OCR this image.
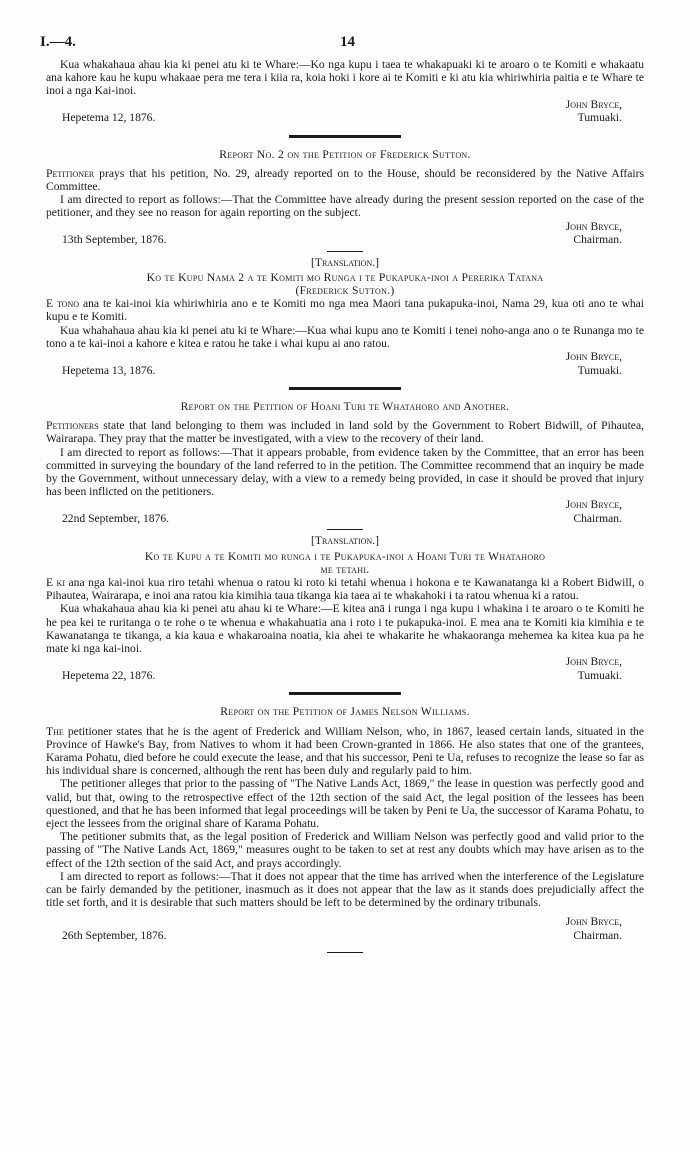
I.—4.	14

Kua whakahaua ahau kia ki penei atu ki te Whare:—Ko nga kupu i taea te whakapuaki ki te aroaro o te Komiti e whakaatu ana kahore kau he kupu whakaae pera me tera i kiia ra, koia hoki i kore ai te Komiti e ki atu kia whiriwhiria paitia e te Whare te inoi a nga Kai-inoi.

John Bryce,
Hepetema 12, 1876.	Tumuaki.
Report No. 2 on the Petition of Frederick Sutton.

Petitioner prays that his petition, No. 29, already reported on to the House, should be reconsidered by the Native Affairs Committee.

I am directed to report as follows:—That the Committee have already during the present session reported on the case of the petitioner, and they see no reason for again reporting on the subject.

John Bryce,
13th September, 1876.	Chairman.
[Translation.]
Ko te Kupu Nama 2 a te Komiti mo Runga i te Pukapuka-inoi a Pererika Tatana
(Frederick Sutton.)

E tono ana te kai-inoi kia whiriwhiria ano e te Komiti mo nga mea Maori tana pukapuka-inoi, Nama 29, kua oti ano te whai kupu e te Komiti.

Kua whahahaua ahau kia ki penei atu ki te Whare:—Kua whai kupu ano te Komiti i tenei noho-anga ano o te Runanga mo te tono a te kai-inoi a kahore e kitea e ratou he take i whai kupu ai ano ratou.

John Bryce,
Hepetema 13, 1876.	Tumuaki.
Report on the Petition of Hoani Turi te Whatahoro and Another.

Petitioners state that land belonging to them was included in land sold by the Government to Robert Bidwill, of Pihautea, Wairarapa. They pray that the matter be investigated, with a view to the recovery of their land.

I am directed to report as follows:—That it appears probable, from evidence taken by the Committee, that an error has been committed in surveying the boundary of the land referred to in the petition. The Committee recommend that an inquiry be made by the Government, without unnecessary delay, with a view to a remedy being provided, in case it should be proved that injury has been inflicted on the petitioners.

John Bryce,
22nd September, 1876.	Chairman.
[Translation.]
Ko te Kupu a te Komiti mo runga i te Pukapuka-inoi a Hoani Turi te Whatahoro
me tetahi.

E ki ana nga kai-inoi kua riro tetahi whenua o ratou ki roto ki tetahi whenua i hokona e te Kawanatanga ki a Robert Bidwill, o Pihautea, Wairarapa, e inoi ana ratou kia kimihia taua tikanga kia taea ai te whakahoki i ta ratou whenua ki a ratou.

Kua whakahaua ahau kia ki penei atu ahau ki te Whare:—E kitea anā i runga i nga kupu i whakina i te aroaro o te Komiti he he pea kei te ruritanga o te rohe o te whenua e whakahuatia ana i roto i te pukapuka-inoi. E mea ana te Komiti kia kimihia e te Kawanatanga te tikanga, a kia kaua e whakaroaina noatia, kia ahei te whakarite he whakaoranga mehemea ka kitea kua pa he mate ki nga kai-inoi.

John Bryce,
Hepetema 22, 1876.	Tumuaki.
Report on the Petition of James Nelson Williams.

The petitioner states that he is the agent of Frederick and William Nelson, who, in 1867, leased certain lands, situated in the Province of Hawke's Bay, from Natives to whom it had been Crown-granted in 1866. He also states that one of the grantees, Karama Pohatu, died before he could execute the lease, and that his successor, Peni te Ua, refuses to recognize the lease so far as his individual share is concerned, although the rent has been duly and regularly paid to him.

The petitioner alleges that prior to the passing of "The Native Lands Act, 1869," the lease in question was perfectly good and valid, but that, owing to the retrospective effect of the 12th section of the said Act, the legal position of the lessees has been questioned, and that he has been informed that legal proceedings will be taken by Peni te Ua, the successor of Karama Pohatu, to eject the lessees from the original share of Karama Pohatu.

The petitioner submits that, as the legal position of Frederick and William Nelson was perfectly good and valid prior to the passing of "The Native Lands Act, 1869," measures ought to be taken to set at rest any doubts which may have arisen as to the effect of the 12th section of the said Act, and prays accordingly.

I am directed to report as follows:—That it does not appear that the time has arrived when the interference of the Legislature can be fairly demanded by the petitioner, inasmuch as it does not appear that the law as it stands does prejudicially affect the title set forth, and it is desirable that such matters should be left to be determined by the ordinary tribunals.

John Bryce,
26th September, 1876.	Chairman.
